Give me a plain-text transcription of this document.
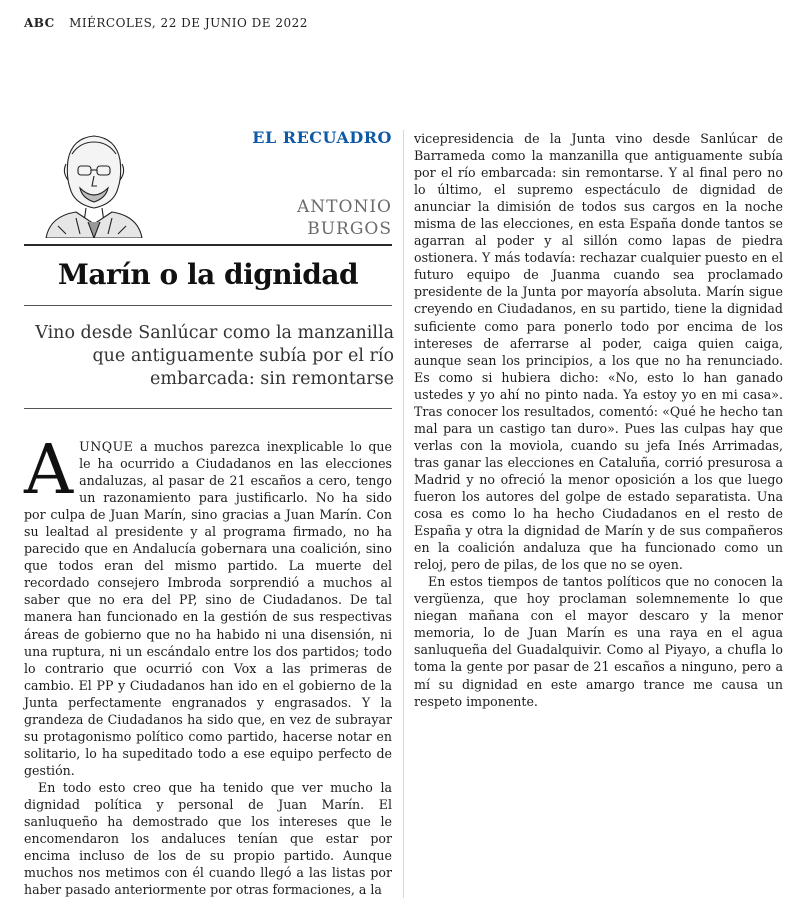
ABC MIÉRCOLES, 22 DE JUNIO DE 2022
EL RECUADRO
ANTONIO
BURGOS
Marín o la dignidad
Vino desde Sanlúcar como la manzanilla que antiguamente subía por el río embarcada: sin remontarse

AUNQUE a muchos parezca inexplicable lo que le ha ocurrido a Ciudadanos en las elecciones andaluzas, al pasar de 21 escaños a cero, tengo un razonamiento para justificarlo. No ha sido por culpa de Juan Marín, sino gracias a Juan Marín. Con su lealtad al presidente y al programa firmado, no ha parecido que en Andalucía gobernara una coalición, sino que todos eran del mismo partido. La muerte del recordado consejero Imbroda sorprendió a muchos al saber que no era del PP, sino de Ciudadanos. De tal manera han funcionado en la gestión de sus respectivas áreas de gobierno que no ha habido ni una disensión, ni una ruptura, ni un escándalo entre los dos partidos; todo lo contrario que ocurrió con Vox a las primeras de cambio. El PP y Ciudadanos han ido en el gobierno de la Junta perfectamente engranados y engrasados. Y la grandeza de Ciudadanos ha sido que, en vez de subrayar su protagonismo político como partido, hacerse notar en solitario, lo ha supeditado todo a ese equipo perfecto de gestión.

En todo esto creo que ha tenido que ver mucho la dignidad política y personal de Juan Marín. El sanluqueño ha demostrado que los intereses que le encomendaron los andaluces tenían que estar por encima incluso de los de su propio partido. Aunque muchos nos metimos con él cuando llegó a las listas por haber pasado anteriormente por otras formaciones, a la

vicepresidencia de la Junta vino desde Sanlúcar de Barrameda como la manzanilla que antiguamente subía por el río embarcada: sin remontarse. Y al final pero no lo último, el supremo espectáculo de dignidad de anunciar la dimisión de todos sus cargos en la noche misma de las elecciones, en esta España donde tantos se agarran al poder y al sillón como lapas de piedra ostionera. Y más todavía: rechazar cualquier puesto en el futuro equipo de Juanma cuando sea proclamado presidente de la Junta por mayoría absoluta. Marín sigue creyendo en Ciudadanos, en su partido, tiene la dignidad suficiente como para ponerlo todo por encima de los intereses de aferrarse al poder, caiga quien caiga, aunque sean los principios, a los que no ha renunciado. Es como si hubiera dicho: «No, esto lo han ganado ustedes y yo ahí no pinto nada. Ya estoy yo en mi casa». Tras conocer los resultados, comentó: «Qué he hecho tan mal para un castigo tan duro». Pues las culpas hay que verlas con la moviola, cuando su jefa Inés Arrimadas, tras ganar las elecciones en Cataluña, corrió presurosa a Madrid y no ofreció la menor oposición a los que luego fueron los autores del golpe de estado separatista. Una cosa es como lo ha hecho Ciudadanos en el resto de España y otra la dignidad de Marín y de sus compañeros en la coalición andaluza que ha funcionado como un reloj, pero de pilas, de los que no se oyen.

En estos tiempos de tantos políticos que no conocen la vergüenza, que hoy proclaman solemnemente lo que niegan mañana con el mayor descaro y la menor memoria, lo de Juan Marín es una raya en el agua sanluqueña del Guadalquivir. Como al Piyayo, a chufla lo toma la gente por pasar de 21 escaños a ninguno, pero a mí su dignidad en este amargo trance me causa un respeto imponente.
